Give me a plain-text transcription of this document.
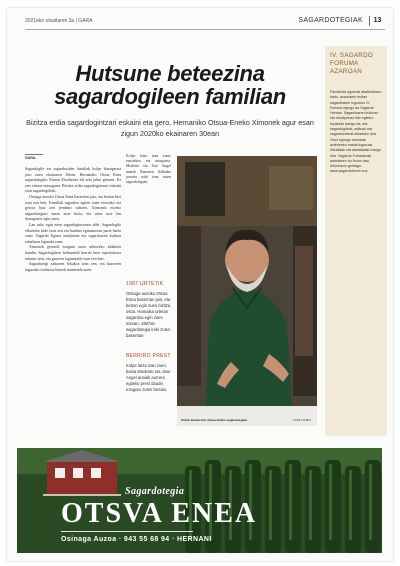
2021eko otsailaren 3a | GARA	SAGARDOTEGIAK	13
Hutsune beteezina sagardogileen familian
Bizitza erdia sagardogintzari eskaini eta gero, Hernaniko Otsua-Eneko Ximonek agur esan zigun 2020ko ekainaren 30ean
GARA

Sagardogile eta sagardozalen familiak kolpe ikaragarria jaso zuen ekainaren 30ean: Hernaniko Otsua Enea sagardotegiko Ximon Etxeberria hil zela jakin genuen. Ez zen ximon ezezaguna. Bizitza erdia sagardogintzari eskaini zion sagardogileak.

Ostiaga auzoko Otsua Enea baserrian jaio, eta bertan bizi izan zen beti. Familiak sagardoa egiten zuen etxerako eta gerora hasi zen jendeari saltzen. Ximonek etxeko sagardotegiari eman zion bizia, eta urtez urte lan ikaragarria egin zuen.

Lan asko egin zuen sagardogintzaren alde. Sagardogile elkarteko kide izan zen eta hainbat egitasmotan parte hartu zuen. Sagardo Eguna antolatzen eta sagardoaren kultura zabaltzen lagundu zuen.

Ximonek gertutik ezagutu zuen sektoreko aldaketa handia. Sagardogileen belaunaldi berriei bere esperientzia eskaini zien, eta gazteen laguntzaile izan zen beti.

Sagardotegi zaharren lekukoa izan zen, eta kutxeren inguruko tradizioa bizirik mantendu zuen.

Kolpe latza izan zuen, ezustekoa eta mingarria. Modesto eta Jose Angel anaiek Ximonen ibilbidea jarraitu nahi izan zuten sagardotegian.
1987 URTETIK
Ostiaga auzoko Otsua Enea baserrian jaio, eta bertan egin zuen bizitza osoa. Hamaika urtetan sagardoa egin zuen etxean. 1987an sagardotegia ireki zuten baserrian.
BERRIRO PREST
Kolpe latza izan zuen, baina Modesto eta Jose Angel anaiak aurrera egiteko prest daude, ezagutu zuten bezala.
Ximon Etxeberria. Otsua Eneko sagardotegian.	GORKA RUBIO
IV. SAGARDO FORUMA AZAROAN
Pandemia egoerak ahalbidetzen badu, azaroaren erdian sagardoaren inguruko IV. Foruma egingo da Sagardo Herrian. Sagardoaren kulturaz eta ekoizpenaz hitz egiteko topaketa izango da, eta sagardogileak, adituak eta sagardozaleak elkartuko dira. Gaur egungo erronkak aztertzeko mahai-inguruak, hitzaldiak eta dastaketak izango dira. Sagardo Fundazioak antolatzen du forum hau. Informazio gehiago: www.sagardoforum.eus
Sagardotegia
OTSVA ENEA
Osinaga Auzoa · 943 55 68 94 · HERNANI
